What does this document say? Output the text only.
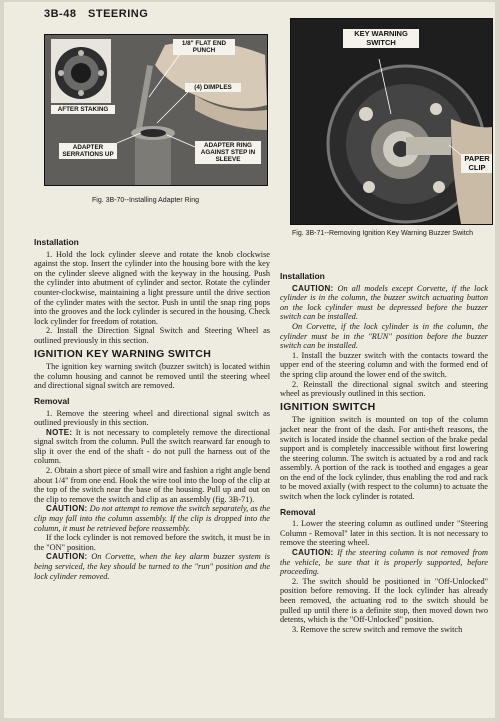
3B-48 STEERING
1/8" FLAT END PUNCH
(4) DIMPLES
AFTER STAKING
ADAPTER SERRATIONS UP
ADAPTER RING AGAINST STEP IN SLEEVE
Fig. 3B-70--Installing Adapter Ring
KEY WARNING SWITCH
PAPER CLIP
Fig. 3B-71--Removing Ignition Key Warning Buzzer Switch
Installation

1. Hold the lock cylinder sleeve and rotate the knob clockwise against the stop. Insert the cylinder into the housing bore with the key on the cylinder sleeve aligned with the keyway in the housing. Push the cylinder into abutment of cylinder and sector. Rotate the cylinder counter-clockwise, maintaining a light pressure until the drive section of the cylinder mates with the sector. Push in until the snap ring pops into the grooves and the lock cylinder is secured in the housing. Check lock cylinder for freedom of rotation.

2. Install the Direction Signal Switch and Steering Wheel as outlined previously in this section.

IGNITION KEY WARNING SWITCH

The ignition key warning switch (buzzer switch) is located within the column housing and cannot be removed until the steering wheel and directional signal switch are removed.

Removal

1. Remove the steering wheel and directional signal switch as outlined previously in this section.

NOTE: It is not necessary to completely remove the directional signal switch from the column. Pull the switch rearward far enough to slip it over the end of the shaft - do not pull the harness out of the column.

2. Obtain a short piece of small wire and fashion a right angle bend about 1/4" from one end. Hook the wire tool into the loop of the clip at the top of the switch near the base of the housing. Pull up and out on the clip to remove the switch and clip as an assembly (fig. 3B-71).

CAUTION: Do not attempt to remove the switch separately, as the clip may fall into the column assembly. If the clip is dropped into the column, it must be retrieved before reassembly.

If the lock cylinder is not removed before the switch, it must be in the "ON" position.

CAUTION: On Corvette, when the key alarm buzzer system is being serviced, the key should be turned to the "run" position and the lock cylinder removed.

Installation

CAUTION: On all models except Corvette, if the lock cylinder is in the column, the buzzer switch actuating button on the lock cylinder must be depressed before the buzzer switch can be installed.

On Corvette, if the lock cylinder is in the column, the cylinder must be in the "RUN" position before the buzzer switch can be installed.

1. Install the buzzer switch with the contacts toward the upper end of the steering column and with the formed end of the spring clip around the lower end of the switch.

2. Reinstall the directional signal switch and steering wheel as previously outlined in this section.

IGNITION SWITCH

The ignition switch is mounted on top of the column jacket near the front of the dash. For anti-theft reasons, the switch is located inside the channel section of the brake pedal support and is completely inaccessible without first lowering the steering column. The switch is actuated by a rod and rack assembly. A portion of the rack is toothed and engages a gear on the end of the lock cylinder, thus enabling the rod and rack to be moved axially (with respect to the column) to actuate the switch when the lock cylinder is rotated.

Removal

1. Lower the steering column as outlined under "Steering Column - Removal" later in this section. It is not necessary to remove the steering wheel.

CAUTION: If the steering column is not removed from the vehicle, be sure that it is properly supported, before proceeding.

2. The switch should be positioned in "Off-Unlocked" position before removing. If the lock cylinder has already been removed, the actuating rod to the switch should be pulled up until there is a definite stop, then moved down two detents, which is the "Off-Unlocked" position.

3. Remove the screw switch and remove the switch
